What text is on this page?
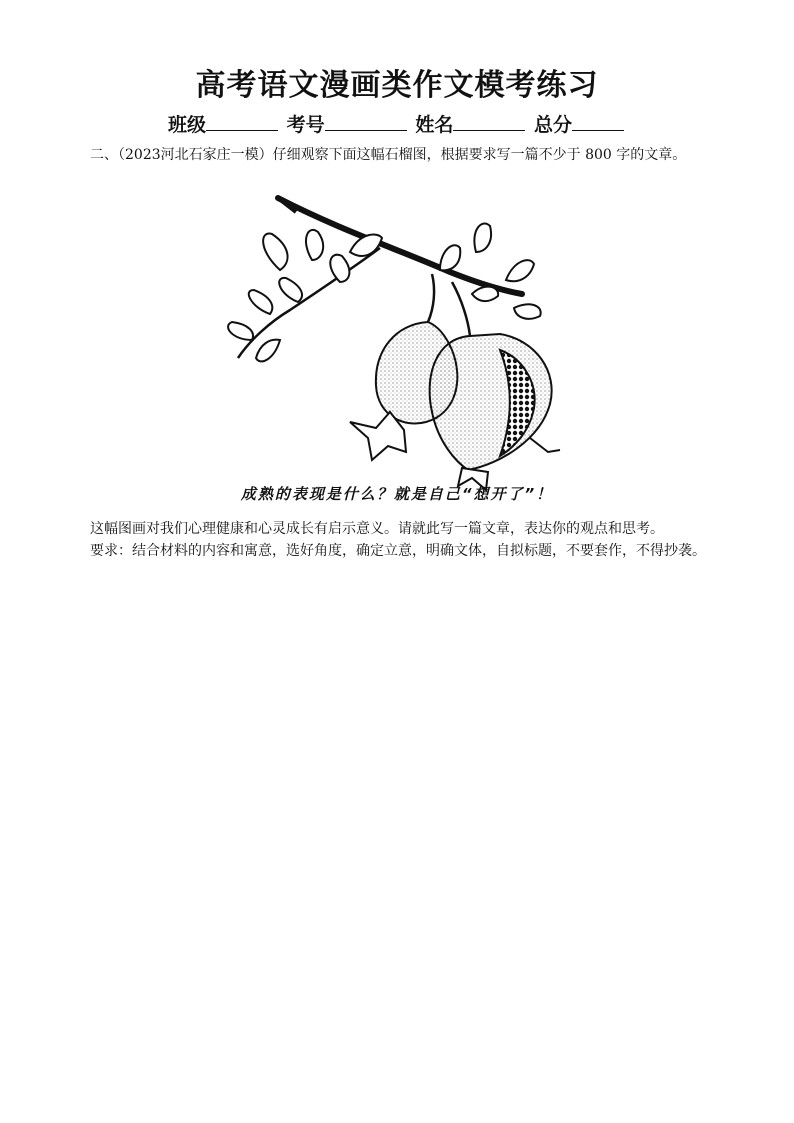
高考语文漫画类作文模考练习
班级	考号	姓名	总分
二、（2023河北石家庄一模）仔细观察下面这幅石榴图，根据要求写一篇不少于 800 字的文章。
成熟的表现是什么？就是自己“想开了”！
这幅图画对我们心理健康和心灵成长有启示意义。请就此写一篇文章，表达你的观点和思考。
要求：结合材料的内容和寓意，选好角度，确定立意，明确文体，自拟标题，不要套作，不得抄袭。
